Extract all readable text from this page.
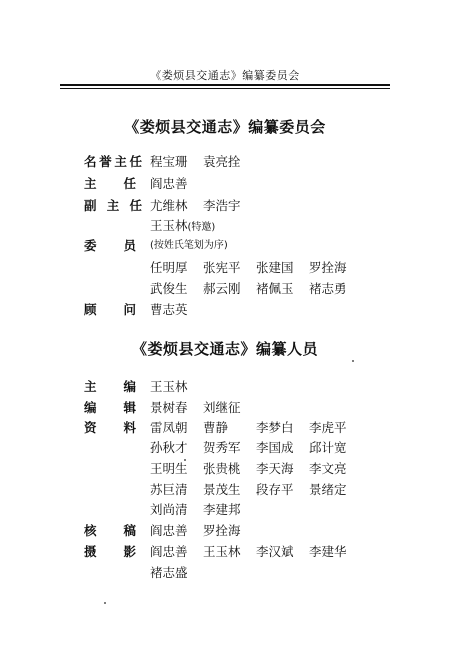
《娄烦县交通志》编纂委员会
《娄烦县交通志》编纂委员会
名 誉 主 任 程宝珊 袁亮拴
主 任 阎忠善
副 主 任 尤维林 李浩宇
王玉林(特邀)
委 员 (按姓氏笔划为序)
任明厚 张宪平 张建国 罗拴海
武俊生 郝云刚 褚佩玉 褚志勇
顾 问 曹志英
《娄烦县交通志》编纂人员
主 编 王玉林
编 辑 景树春 刘继征
资 料 雷凤朝 曹静 李梦白 李虎平
孙秋才 贺秀军 李国成 邱计宽
王明生 张贵桃 李天海 李文亮
苏巨清 景茂生 段存平 景绪定
刘尚清 李建邦
核 稿 阎忠善 罗拴海
摄 影 阎忠善 王玉林 李汉斌 李建华
褚志盛
